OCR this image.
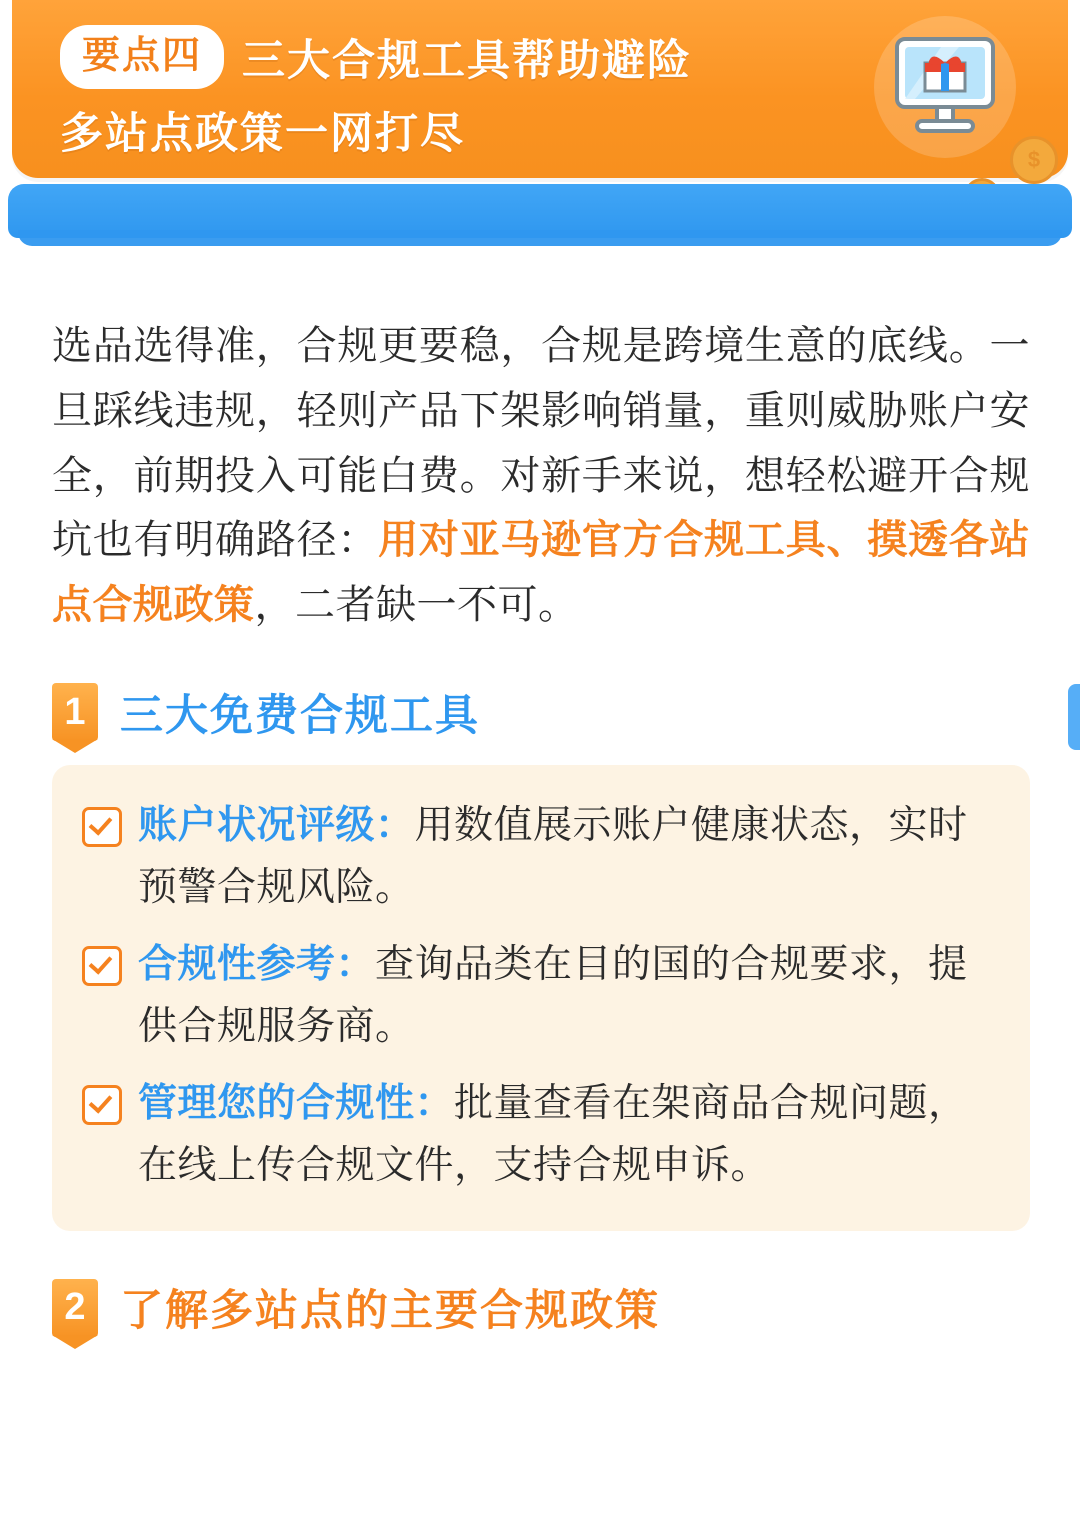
要点四 三大合规工具帮助避险
多站点政策一网打尽
$

选品选得准，合规更要稳，合规是跨境生意的底线。一旦踩线违规，轻则产品下架影响销量，重则威胁账户安全，前期投入可能白费。对新手来说，想轻松避开合规坑也有明确路径：用对亚马逊官方合规工具、摸透各站点合规政策，二者缺一不可。

1 三大免费合规工具
账户状况评级：用数值展示账户健康状态，实时预警合规风险。
合规性参考：查询品类在目的国的合规要求，提供合规服务商。
管理您的合规性：批量查看在架商品合规问题，在线上传合规文件，支持合规申诉。
2 了解多站点的主要合规政策
